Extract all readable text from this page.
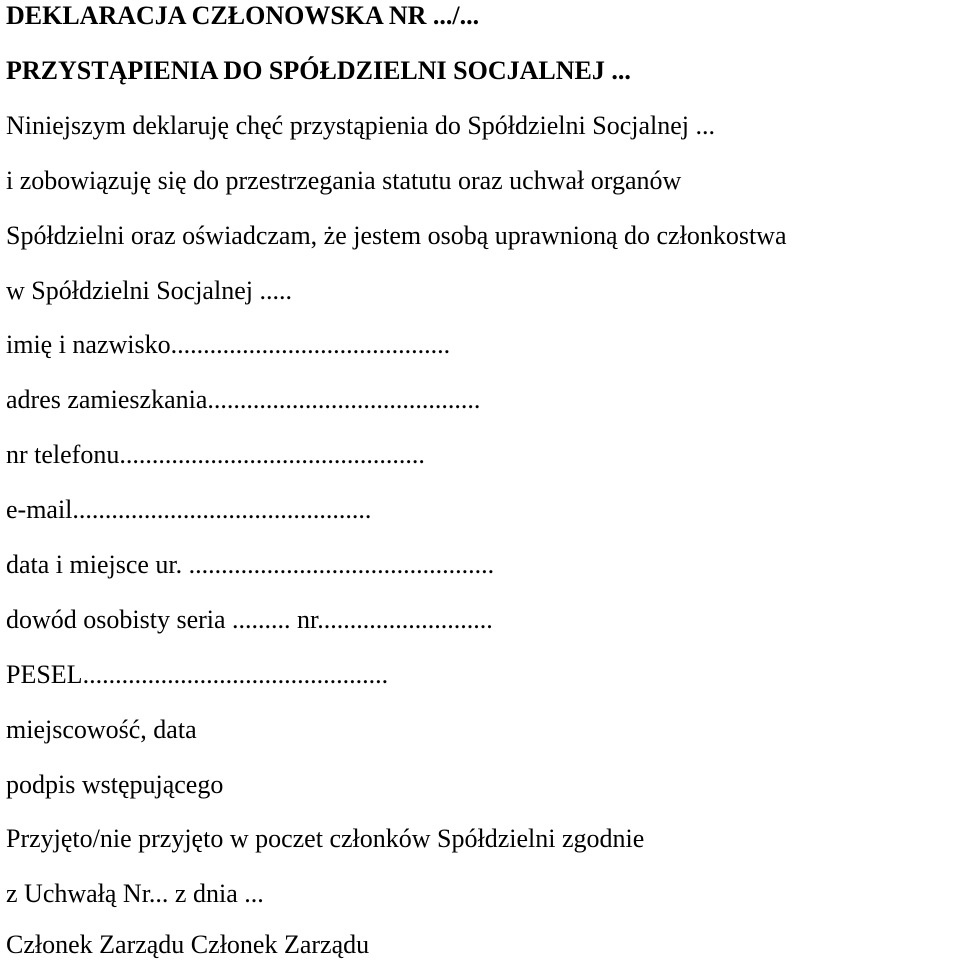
DEKLARACJA CZŁONOWSKA NR .../...
PRZYSTĄPIENIA DO SPÓŁDZIELNI SOCJALNEJ ...
Niniejszym deklaruję chęć przystąpienia do Spółdzielni Socjalnej ...
i zobowiązuję się do przestrzegania statutu oraz uchwał organów
Spółdzielni oraz oświadczam, że jestem osobą uprawnioną do członkostwa
w Spółdzielni Socjalnej .....
imię i nazwisko...........................................
adres zamieszkania..........................................
nr telefonu...............................................
e-mail..............................................
data i miejsce ur. ...............................................
dowód osobisty seria ......... nr...........................
PESEL...............................................
miejscowość, data
podpis wstępującego
Przyjęto/nie przyjęto w poczet członków Spółdzielni zgodnie
z Uchwałą Nr... z dnia ...
Członek Zarządu Członek Zarządu
